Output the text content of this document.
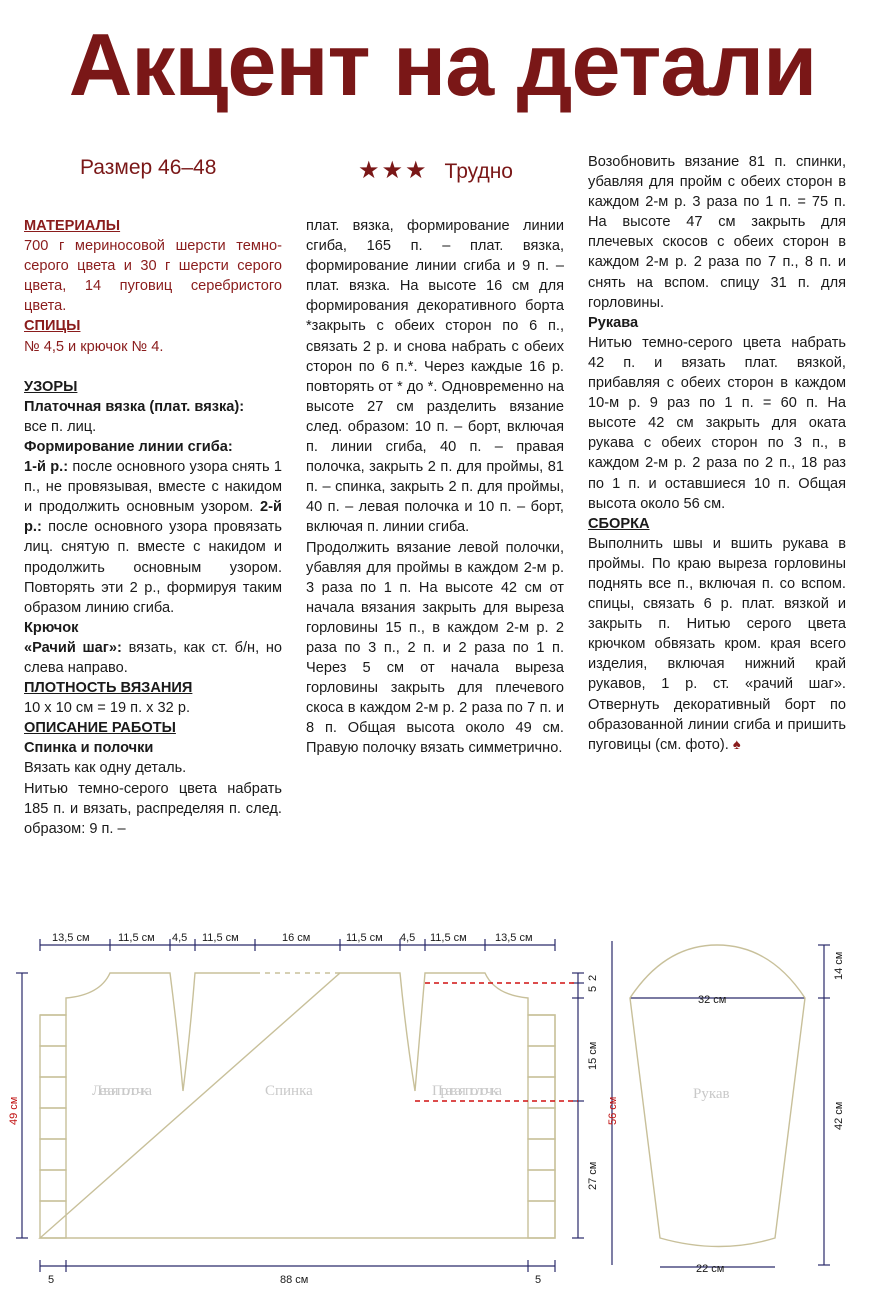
Акцент на детали
Размер 46–48	★★★ Трудно

МАТЕРИАЛЫ

700 г мериносовой шерсти темно-серого цвета и 30 г шерсти серого цвета, 14 пуговиц серебристого цвета.

СПИЦЫ

№ 4,5 и крючок № 4.

УЗОРЫ

Платочная вязка (плат. вязка):

все п. лиц.

Формирование линии сгиба:

1-й р.: после основного узора снять 1 п., не провязывая, вместе с накидом и продолжить основным узором. 2-й р.: после основного узора провязать лиц. снятую п. вместе с накидом и продолжить основным узором. Повторять эти 2 р., формируя таким образом линию сгиба.

Крючок

«Рачий шаг»: вязать, как ст. б/н, но слева направо.

ПЛОТНОСТЬ ВЯЗАНИЯ

10 х 10 см = 19 п. х 32 р.

ОПИСАНИЕ РАБОТЫ

Спинка и полочки

Вязать как одну деталь.

Нитью темно-серого цвета набрать 185 п. и вязать, распределяя п. след. образом: 9 п. –

плат. вязка, формирование линии сгиба, 165 п. – плат. вязка, формирование линии сгиба и 9 п. – плат. вязка. На высоте 16 см для формирования декоративного борта *закрыть с обеих сторон по 6 п., связать 2 р. и снова набрать с обеих сторон по 6 п.*. Через каждые 16 р. повторять от * до *. Одновременно на высоте 27 см разделить вязание след. образом: 10 п. – борт, включая п. линии сгиба, 40 п. – правая полочка, закрыть 2 п. для проймы, 81 п. – спинка, закрыть 2 п. для проймы, 40 п. – левая полочка и 10 п. – борт, включая п. линии сгиба.

Продолжить вязание левой полочки, убавляя для проймы в каждом 2-м р. 3 раза по 1 п. На высоте 42 см от начала вязания закрыть для выреза горловины 15 п., в каждом 2-м р. 2 раза по 3 п., 2 п. и 2 раза по 1 п. Через 5 см от начала выреза горловины закрыть для плечевого скоса в каждом 2-м р. 2 раза по 7 п. и 8 п. Общая высота около 49 см. Правую полочку вязать симметрично.

Возобновить вязание 81 п. спинки, убавляя для пройм с обеих сторон в каждом 2-м р. 3 раза по 1 п. = 75 п. На высоте 47 см закрыть для плечевых скосов с обеих сторон в каждом 2-м р. 2 раза по 7 п., 8 п. и снять на вспом. спицу 31 п. для горловины.

Рукава

Нитью темно-серого цвета набрать 42 п. и вязать плат. вязкой, прибавляя с обеих сторон в каждом 10-м р. 9 раз по 1 п. = 60 п. На высоте 42 см закрыть для оката рукава с обеих сторон по 3 п., в каждом 2-м р. 2 раза по 2 п., 18 раз по 1 п. и оставшиеся 10 п. Общая высота около 56 см.

СБОРКА

Выполнить швы и вшить рукава в проймы. По краю выреза горловины поднять все п., включая п. со вспом. спицы, связать 6 р. плат. вязкой и закрыть п. Нитью серого цвета крючком обвязать кром. края всего изделия, включая нижний край рукавов, 1 р. ст. «рачий шаг». Отвернуть декоративный борт по образованной линии сгиба и пришить пуговицы (см. фото). ♠

13,5 см	11,5 см 4,5 11,5 см	16 см	11,5 см 4,5 11,5 см	13,5 см
5	88 см	5
22 см
32 см
49 см
5
2
15 см
27 см
56 см
14 см
42 см
Левая полочка	Спинка	Правая полочка	Рукав
